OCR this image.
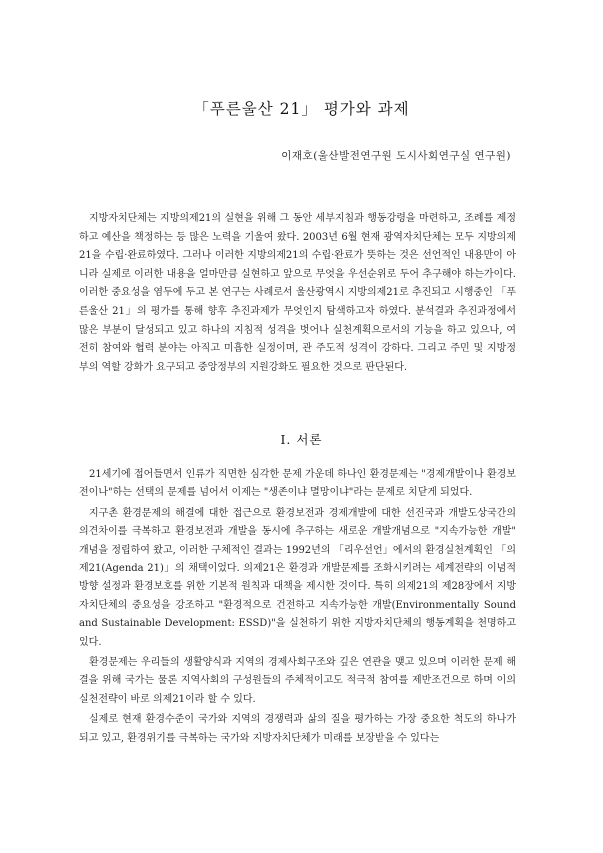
「푸른울산 21」 평가와 과제
이재호(울산발전연구원 도시사회연구실 연구원)

지방자치단체는 지방의제21의 실현을 위해 그 동안 세부지침과 행동강령을 마련하고, 조례를 제정하고 예산을 책정하는 등 많은 노력을 기울여 왔다. 2003년 6월 현재 광역자치단체는 모두 지방의제21을 수립·완료하였다. 그러나 이러한 지방의제21의 수립·완료가 뜻하는 것은 선언적인 내용만이 아니라 실제로 이러한 내용을 얼마만큼 실현하고 앞으로 무엇을 우선순위로 두어 추구해야 하는가이다. 이러한 중요성을 염두에 두고 본 연구는 사례로서 울산광역시 지방의제21로 추진되고 시행중인 「푸른울산 21」의 평가를 통해 향후 추진과제가 무엇인지 탐색하고자 하였다. 분석결과 추진과정에서 많은 부분이 달성되고 있고 하나의 지침적 성격을 벗어나 실천계획으로서의 기능을 하고 있으나, 여전히 참여와 협력 분야는 아직고 미흡한 실정이며, 관 주도적 성격이 강하다. 그리고 주민 및 지방정부의 역할 강화가 요구되고 중앙정부의 지원강화도 필요한 것으로 판단된다.

Ⅰ. 서론

21세기에 접어들면서 인류가 직면한 심각한 문제 가운데 하나인 환경문제는 "경제개발이나 환경보전이나"하는 선택의 문제를 넘어서 이제는 "생존이냐 멸망이냐"라는 문제로 치닫게 되었다.

지구촌 환경문제의 해결에 대한 접근으로 환경보전과 경제개발에 대한 선진국과 개발도상국간의 의견차이를 극복하고 환경보전과 개발을 동시에 추구하는 새로운 개발개념으로 "지속가능한 개발" 개념을 정립하여 왔고, 이러한 구체적인 결과는 1992년의 「리우선언」에서의 환경실천계획인 「의제21(Agenda 21)」의 채택이었다. 의제21은 환경과 개발문제를 조화시키려는 세계전략의 이념적 방향 설정과 환경보호를 위한 기본적 원칙과 대책을 제시한 것이다. 특히 의제21의 제28장에서 지방자치단체의 중요성을 강조하고 "환경적으로 건전하고 지속가능한 개발(Environmentally Sound and Sustainable Development: ESSD)"을 실천하기 위한 지방자치단체의 행동계획을 천명하고 있다.

환경문제는 우리들의 생활양식과 지역의 경제사회구조와 깊은 연관을 맺고 있으며 이러한 문제 해결을 위해 국가는 물론 지역사회의 구성원들의 주체적이고도 적극적 참여를 제반조건으로 하며 이의 실천전략이 바로 의제21이라 할 수 있다.

실제로 현재 환경수준이 국가와 지역의 경쟁력과 삶의 질을 평가하는 가장 중요한 척도의 하나가 되고 있고, 환경위기를 극복하는 국가와 지방자치단체가 미래를 보장받을 수 있다는
